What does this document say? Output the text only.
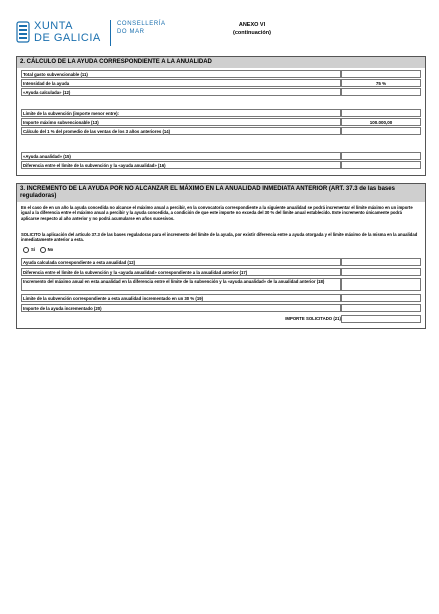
XUNTA
DE GALICIA
CONSELLERÍA
DO MAR
ANEXO VI
(continuación)
2. CÁLCULO DE LA AYUDA CORRESPONDIENTE A LA ANUALIDAD
Total gasto subvencionable (11)
Intensidad de la ayuda	75 %
«Ayuda calculada» (12)
Límite de la subvención (importe menor entre):
Importe máximo subvencionable (13)	100.000,00
Cálculo del 1 % del promedio de las ventas de los 3 años anteriores (14)
«Ayuda anualidad» (15)
Diferencia entre el límite de la subvención y la «ayuda anualidad» (16)
3. INCREMENTO DE LA AYUDA POR NO ALCANZAR EL MÁXIMO EN LA ANUALIDAD INMEDIATA ANTERIOR (ART. 37.3 de las bases reguladoras)
En el caso de en un año la ayuda concedida no alcance el máximo anual a percibir, en la convocatoria correspondiente a la siguiente anualidad se podrá incrementar el límite máximo en un importe igual a la diferencia entre el máximo anual a percibir y la ayuda concedida, a condición de que este importe no exceda del 30 % del límite anual establecido. Este incremento únicamente podrá aplicarse respecto al año anterior y no podrá acumularse en años sucesivos.
SOLICITO la aplicación del artículo 37.3 de las bases reguladoras para el incremento del límite de la ayuda, por existir diferencia entre a ayuda otorgada y el límite máximo de la misma en la anualidad inmediatamente anterior a esta.
Sí	No
Ayuda calculada correspondiente a esta anualidad (12)
Diferencia entre el límite de la subvención y la «ayuda anualidad» correspondiente a la anualidad anterior (17)
Incremento del máximo anual en esta anualidad en la diferencia entre el límite de la subvención y la «ayuda anualidad» de la anualidad anterior (18)
Límite de la subvención correspondiente a esta anualidad incrementado en un 30 % (19)
Importe de la ayuda incrementado (20)
IMPORTE SOLICITADO (21)
